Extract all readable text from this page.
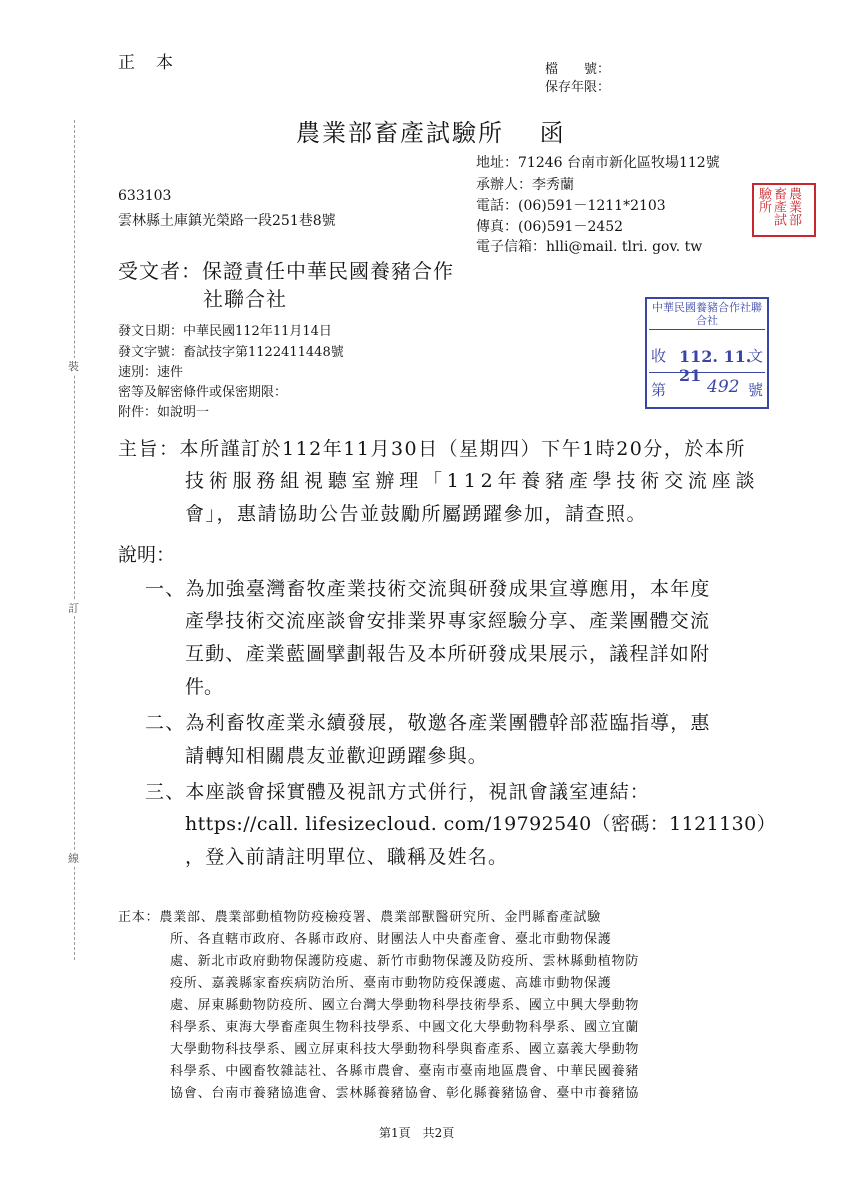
裝
訂
線
正　本	檔　　號：
保存年限：
農業部畜產試驗所　 函
地址：71246 台南市新化區牧場112號
承辦人：李秀蘭
電話：(06)591－1211*2103
傳真：(06)591－2452
電子信箱：hlli@mail. tlri. gov. tw
633103
雲林縣土庫鎮光榮路一段251巷8號
受文者：保證責任中華民國養豬合作
社聯合社
發文日期：中華民國112年11月14日
發文字號：畜試技字第1122411448號
速別：速件
密等及解密條件或保密期限：
附件：如說明一
農業部畜產試驗所
中華民國養豬合作社聯合社
收 112. 11. 21
文
第 492 號
主旨：本所謹訂於112年11月30日（星期四）下午1時20分，於本所
技術服務組視聽室辦理「112年養豬產學技術交流座談
會」，惠請協助公告並鼓勵所屬踴躍參加，請查照。
說明：
一、為加強臺灣畜牧產業技術交流與研發成果宣導應用，本年度
產學技術交流座談會安排業界專家經驗分享、產業團體交流
互動、產業藍圖擘劃報告及本所研發成果展示，議程詳如附
件。
二、為利畜牧產業永續發展，敬邀各產業團體幹部蒞臨指導，惠
請轉知相關農友並歡迎踴躍參與。
三、本座談會採實體及視訊方式併行，視訊會議室連結：
https://call. lifesizecloud. com/19792540（密碼：1121130）
，登入前請註明單位、職稱及姓名。
正本：農業部、農業部動植物防疫檢疫署、農業部獸醫研究所、金門縣畜產試驗
所、各直轄市政府、各縣市政府、財團法人中央畜產會、臺北市動物保護
處、新北市政府動物保護防疫處、新竹市動物保護及防疫所、雲林縣動植物防
疫所、嘉義縣家畜疾病防治所、臺南市動物防疫保護處、高雄市動物保護
處、屏東縣動物防疫所、國立台灣大學動物科學技術學系、國立中興大學動物
科學系、東海大學畜產與生物科技學系、中國文化大學動物科學系、國立宜蘭
大學動物科技學系、國立屏東科技大學動物科學與畜產系、國立嘉義大學動物
科學系、中國畜牧雜誌社、各縣市農會、臺南市臺南地區農會、中華民國養豬
協會、台南市養豬協進會、雲林縣養豬協會、彰化縣養豬協會、臺中市養豬協
第1頁　共2頁
